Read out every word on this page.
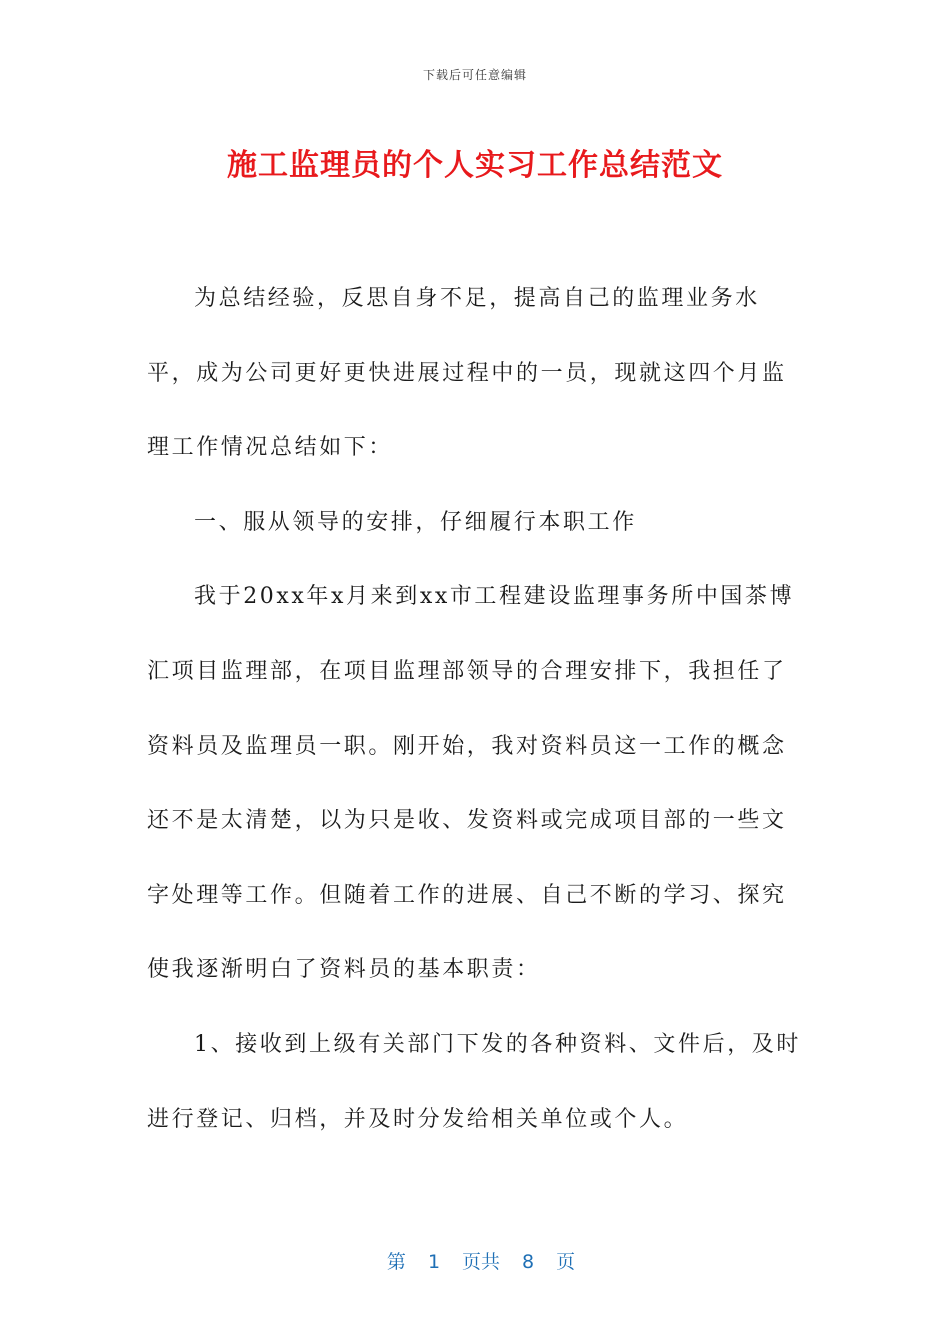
下载后可任意编辑
施工监理员的个人实习工作总结范文

为总结经验，反思自身不足，提高自己的监理业务水平，成为公司更好更快进展过程中的一员，现就这四个月监理工作情况总结如下：

一、服从领导的安排，仔细履行本职工作

我于20xx年x月来到xx市工程建设监理事务所中国茶博汇项目监理部，在项目监理部领导的合理安排下，我担任了资料员及监理员一职。刚开始，我对资料员这一工作的概念还不是太清楚，以为只是收、发资料或完成项目部的一些文字处理等工作。但随着工作的进展、自己不断的学习、探究使我逐渐明白了资料员的基本职责：

1、接收到上级有关部门下发的各种资料、文件后，及时进行登记、归档，并及时分发给相关单位或个人。

第 1 页共 8 页
